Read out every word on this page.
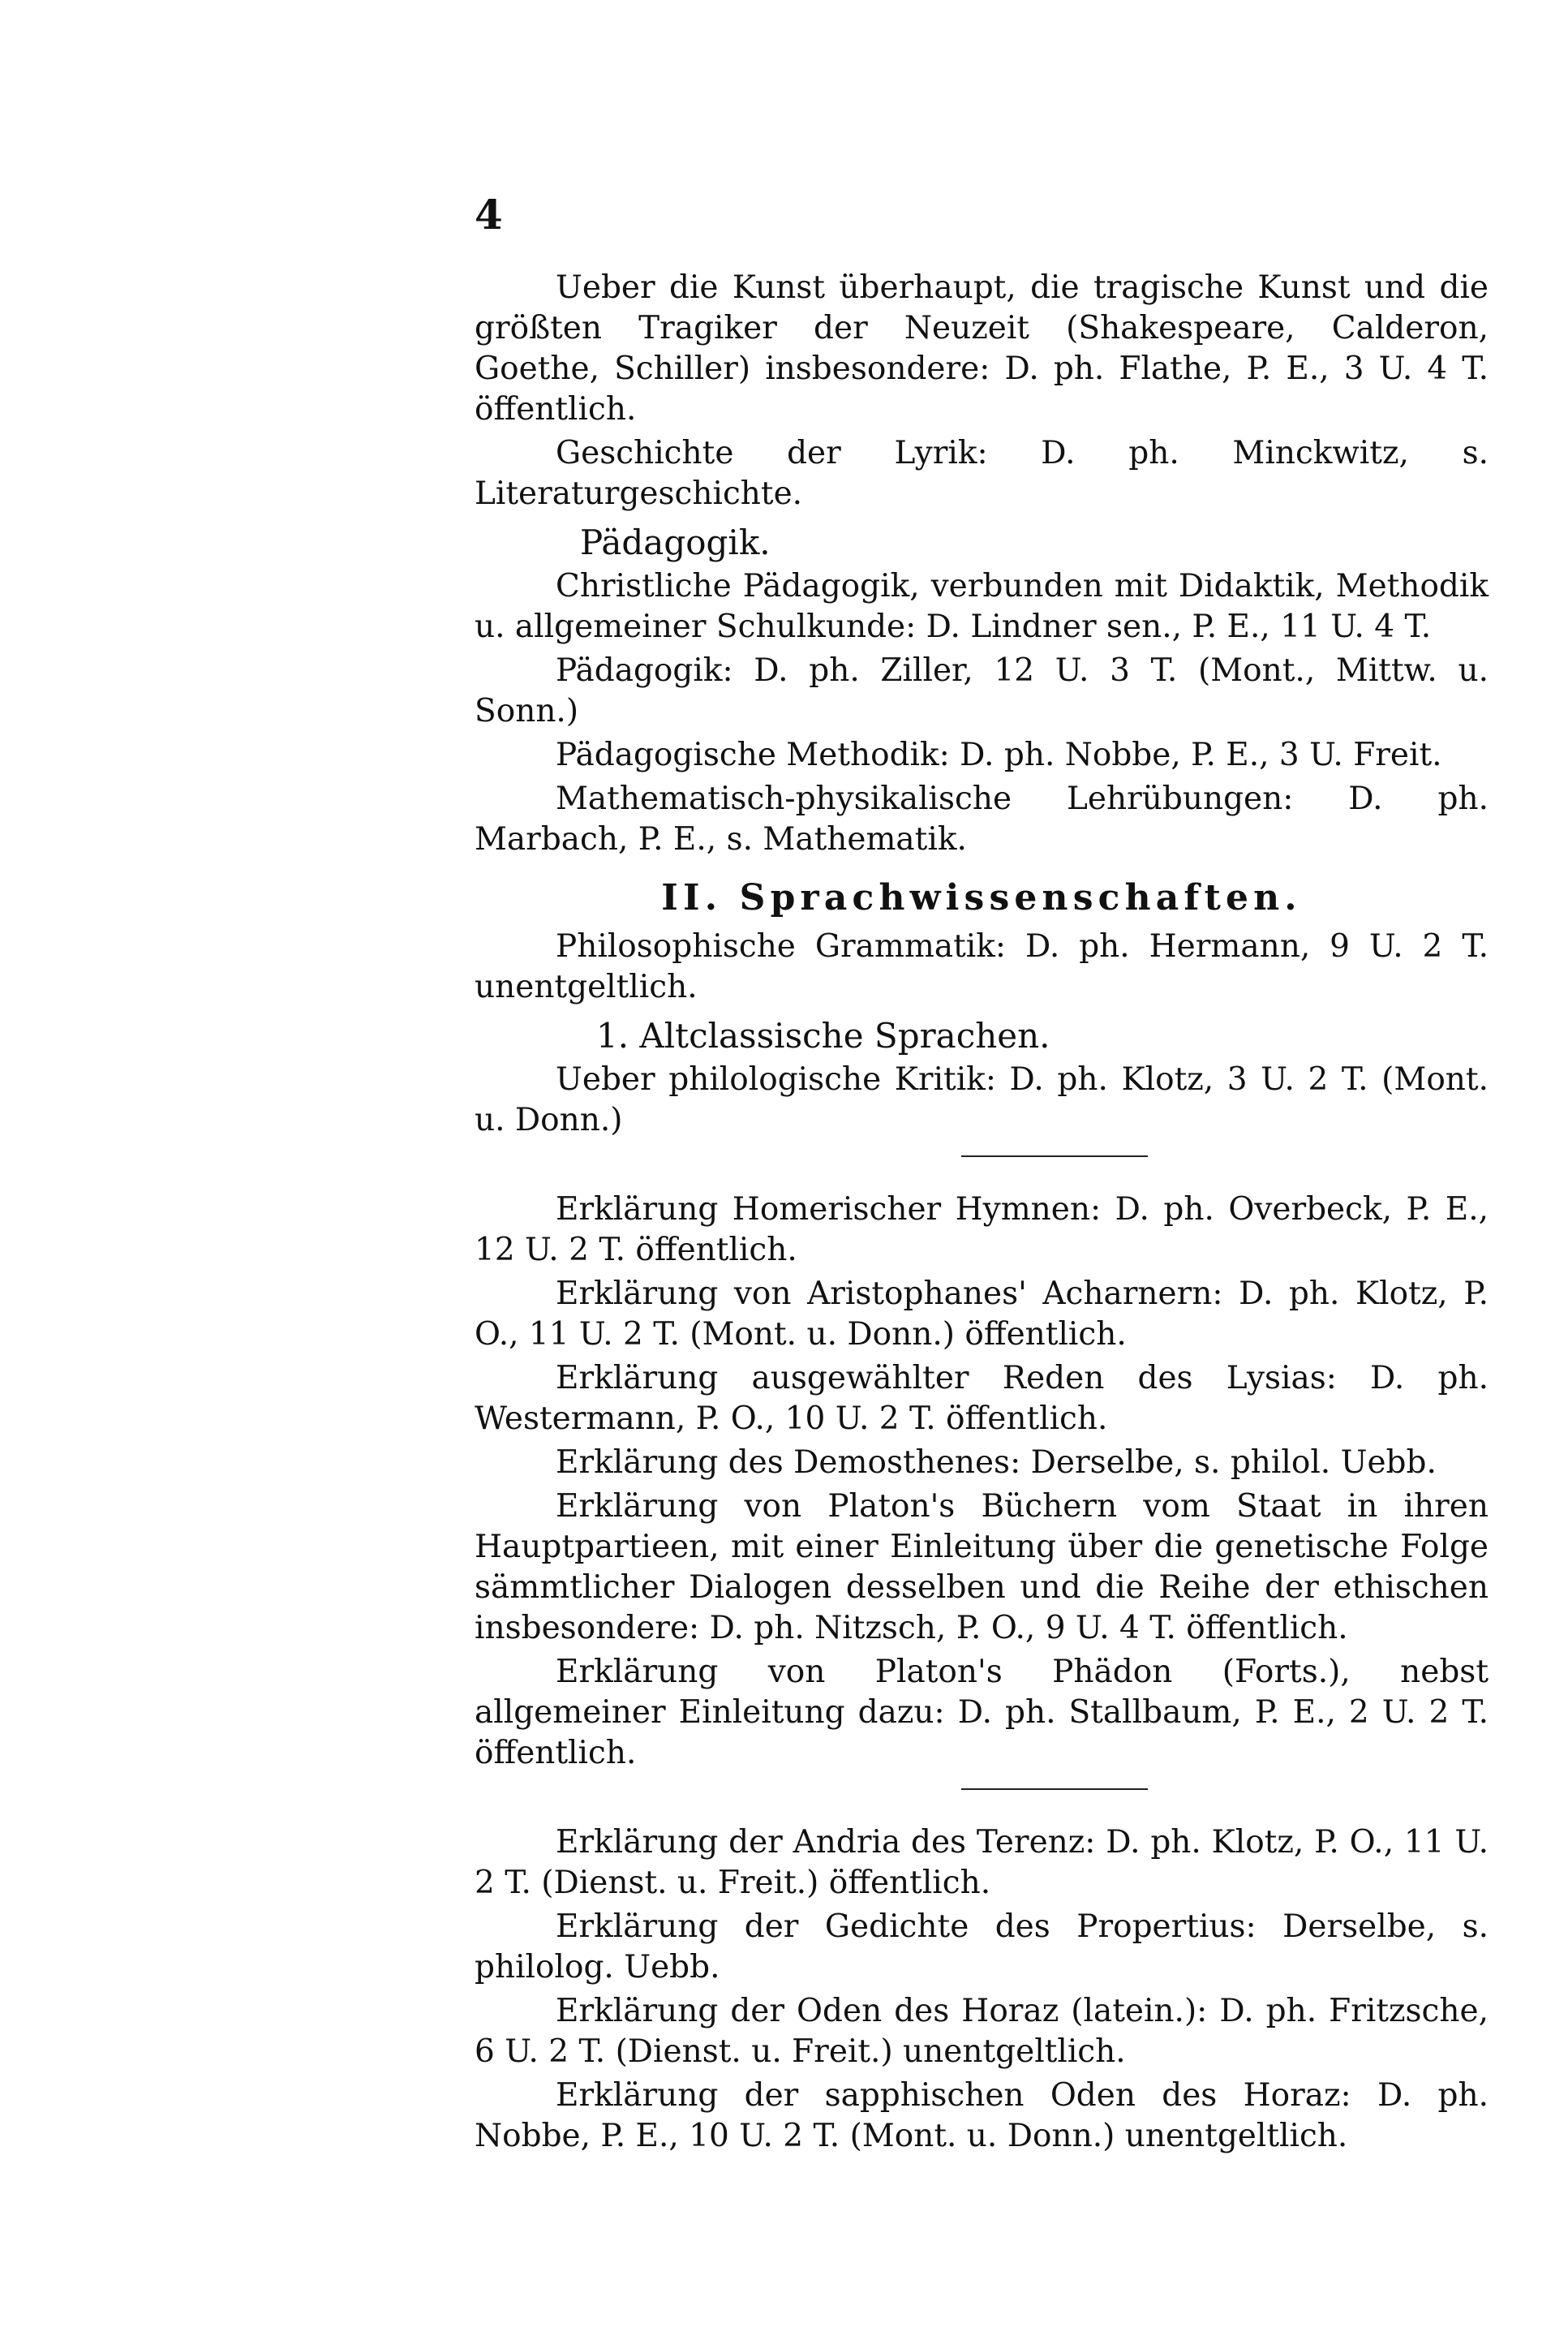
4

Ueber die Kunst überhaupt, die tragische Kunst und die größten Tragiker der Neuzeit (Shakespeare, Calderon, Goethe, Schiller) insbesondere: D. ph. Flathe, P. E., 3 U. 4 T. öffentlich.

Geschichte der Lyrik: D. ph. Minckwitz, s. Literaturgeschichte.

Pädagogik.

Christliche Pädagogik, verbunden mit Didaktik, Methodik u. allgemeiner Schulkunde: D. Lindner sen., P. E., 11 U. 4 T.

Pädagogik: D. ph. Ziller, 12 U. 3 T. (Mont., Mittw. u. Sonn.)

Pädagogische Methodik: D. ph. Nobbe, P. E., 3 U. Freit.

Mathematisch-physikalische Lehrübungen: D. ph. Marbach, P. E., s. Mathematik.

II. Sprachwissenschaften.

Philosophische Grammatik: D. ph. Hermann, 9 U. 2 T. unentgeltlich.

1. Altclassische Sprachen.

Ueber philologische Kritik: D. ph. Klotz, 3 U. 2 T. (Mont. u. Donn.)

Erklärung Homerischer Hymnen: D. ph. Overbeck, P. E., 12 U. 2 T. öffentlich.

Erklärung von Aristophanes' Acharnern: D. ph. Klotz, P. O., 11 U. 2 T. (Mont. u. Donn.) öffentlich.

Erklärung ausgewählter Reden des Lysias: D. ph. Westermann, P. O., 10 U. 2 T. öffentlich.

Erklärung des Demosthenes: Derselbe, s. philol. Uebb.

Erklärung von Platon's Büchern vom Staat in ihren Hauptpartieen, mit einer Einleitung über die genetische Folge sämmtlicher Dialogen desselben und die Reihe der ethischen insbesondere: D. ph. Nitzsch, P. O., 9 U. 4 T. öffentlich.

Erklärung von Platon's Phädon (Forts.), nebst allgemeiner Einleitung dazu: D. ph. Stallbaum, P. E., 2 U. 2 T. öffentlich.

Erklärung der Andria des Terenz: D. ph. Klotz, P. O., 11 U. 2 T. (Dienst. u. Freit.) öffentlich.

Erklärung der Gedichte des Propertius: Derselbe, s. philolog. Uebb.

Erklärung der Oden des Horaz (latein.): D. ph. Fritzsche, 6 U. 2 T. (Dienst. u. Freit.) unentgeltlich.

Erklärung der sapphischen Oden des Horaz: D. ph. Nobbe, P. E., 10 U. 2 T. (Mont. u. Donn.) unentgeltlich.
